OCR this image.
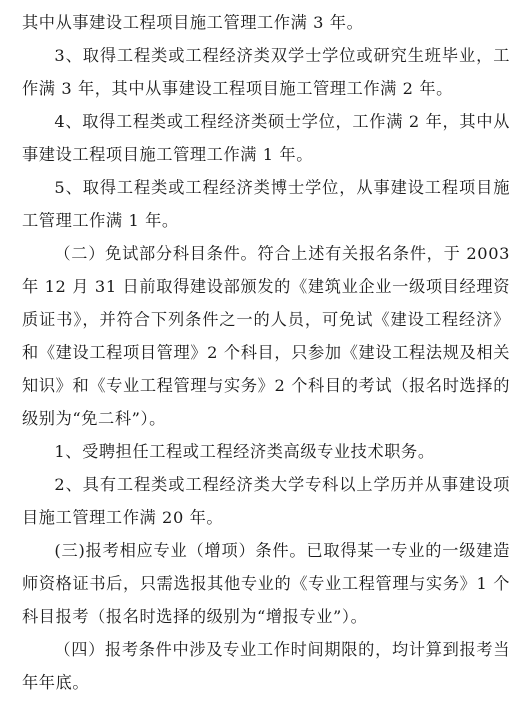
其中从事建设工程项目施工管理工作满 3 年。

3、取得工程类或工程经济类双学士学位或研究生班毕业，工作满 3 年，其中从事建设工程项目施工管理工作满 2 年。

4、取得工程类或工程经济类硕士学位，工作满 2 年，其中从事建设工程项目施工管理工作满 1 年。

5、取得工程类或工程经济类博士学位，从事建设工程项目施工管理工作满 1 年。

（二）免试部分科目条件。符合上述有关报名条件，于 2003 年 12 月 31 日前取得建设部颁发的《建筑业企业一级项目经理资质证书》，并符合下列条件之一的人员，可免试《建设工程经济》和《建设工程项目管理》2 个科目，只参加《建设工程法规及相关知识》和《专业工程管理与实务》2 个科目的考试（报名时选择的级别为“免二科”）。

1、受聘担任工程或工程经济类高级专业技术职务。

2、具有工程类或工程经济类大学专科以上学历并从事建设项目施工管理工作满 20 年。

(三)报考相应专业（增项）条件。已取得某一专业的一级建造师资格证书后，只需选报其他专业的《专业工程管理与实务》1 个科目报考（报名时选择的级别为“增报专业”）。

（四）报考条件中涉及专业工作时间期限的，均计算到报考当年年底。
